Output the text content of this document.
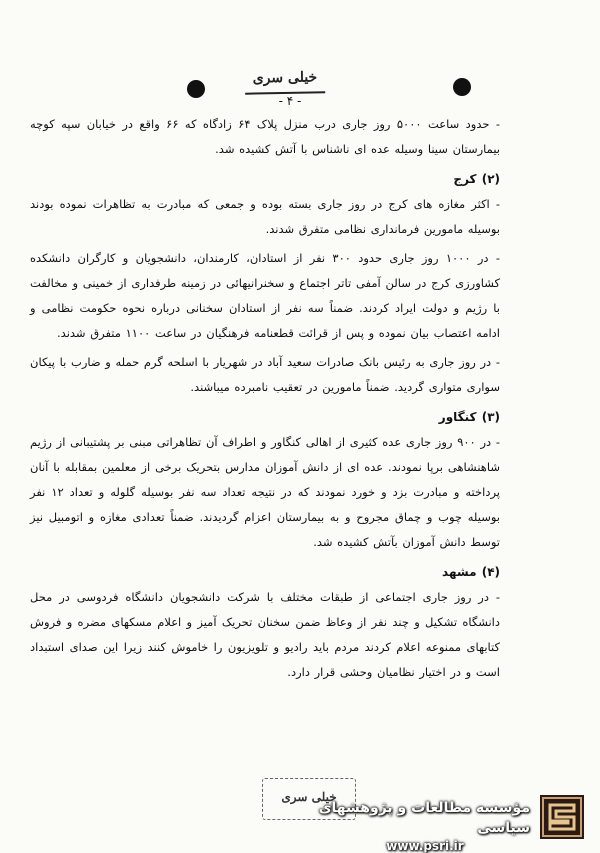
خیلی سری
- ۴ -

- حدود ساعت ۵۰۰۰ روز جاری درب منزل پلاک ۶۴ زادگاه که ۶۶ واقع در خیابان سپه کوچه بیمارستان سینا وسیله عده ای ناشناس با آتش کشیده شد.

(۲) کرج

- اکثر مغازه های کرج در روز جاری بسته بوده و جمعی که مبادرت به تظاهرات نموده بودند بوسیله مامورین فرمانداری نظامی متفرق شدند.

- در ۱۰۰۰ روز جاری حدود ۳۰۰ نفر از استادان، کارمندان، دانشجویان و کارگران دانشکده کشاورزی کرج در سالن آمفی تاتر اجتماع و سخنرانیهائی در زمینه طرفداری از خمینی و مخالفت با رژیم و دولت ایراد کردند. ضمناً سه نفر از استادان سخنانی درباره نحوه حکومت نظامی و ادامه اعتصاب بیان نموده و پس از قرائت قطعنامه فرهنگیان در ساعت ۱۱۰۰ متفرق شدند.

- در روز جاری به رئیس بانک صادرات سعید آباد در شهریار با اسلحه گرم حمله و ضارب با پیکان سواری متواری گردید. ضمناً مامورین در تعقیب نامبرده میباشند.

(۳) کنگاور

- در ۹۰۰ روز جاری عده کثیری از اهالی کنگاور و اطراف آن تظاهراتی مبنی بر پشتیبانی از رژیم شاهنشاهی برپا نمودند. عده ای از دانش آموزان مدارس بتحریک برخی از معلمین بمقابله با آنان پرداخته و مبادرت بزد و خورد نمودند که در نتیجه تعداد سه نفر بوسیله گلوله و تعداد ۱۲ نفر بوسیله چوب و چماق مجروح و به بیمارستان اعزام گردیدند. ضمناً تعدادی مغازه و اتومبیل نیز توسط دانش آموزان بآتش کشیده شد.

(۴) مشهد

- در روز جاری اجتماعی از طبقات مختلف با شرکت دانشجویان دانشگاه فردوسی در محل دانشگاه تشکیل و چند نفر از وعاظ ضمن سخنان تحریک آمیز و اعلام مسکهای مضره و فروش کتابهای ممنوعه اعلام کردند مردم باید رادیو و تلویزیون را خاموش کنند زیرا این صدای استبداد است و در اختیار نظامیان وحشی قرار دارد.

خیلی سری
مؤسسه مطالعات و پژوهشهای سیاسی
www.psri.ir
